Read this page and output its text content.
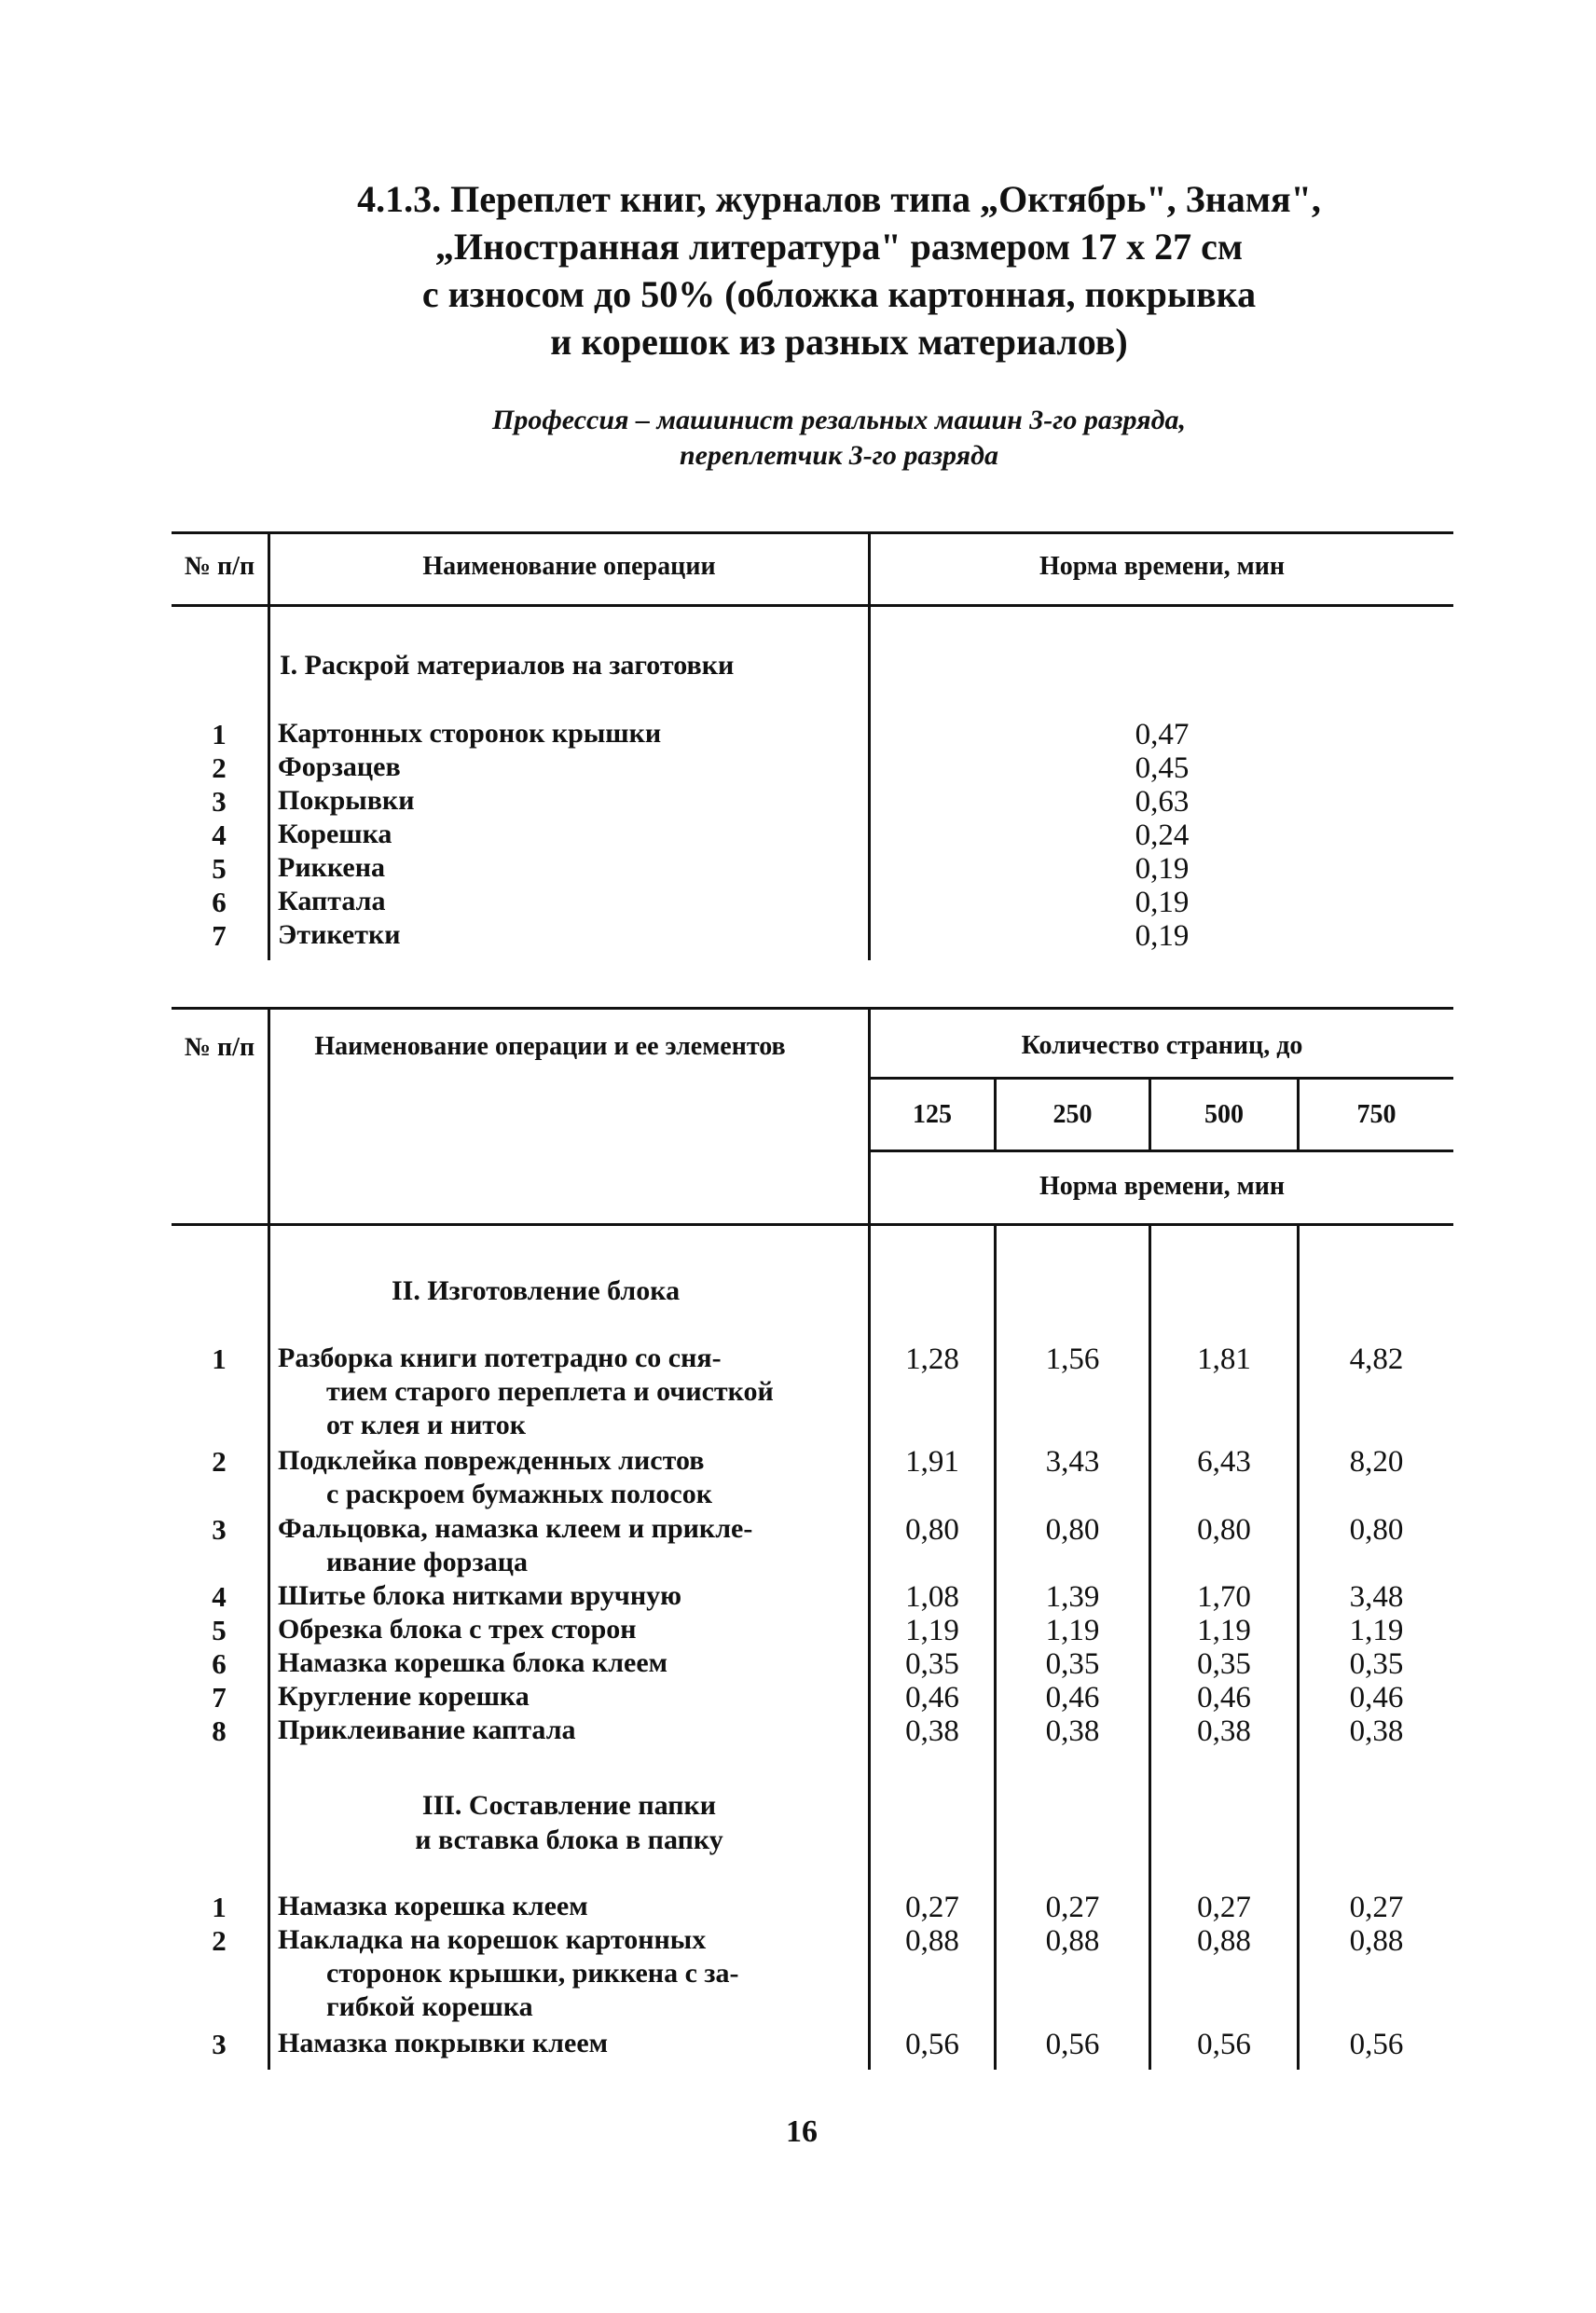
4.1.3. Переплет книг, журналов типа „Октябрь", Знамя",
„Иностранная литература" размером 17 х 27 см
с износом до 50% (обложка картонная, покрывка
и корешок из разных материалов)
Профессия – машинист резальных машин 3-го разряда,
переплетчик 3-го разряда
№ п/п	Наименование операции	Норма времени, мин
I. Раскрой материалов на заготовки
1	Картонных сторонок крышки	0,47
2	Форзацев	0,45
3	Покрывки	0,63
4	Корешка	0,24
5	Риккена	0,19
6	Каптала	0,19
7	Этикетки	0,19
№ п/п	Наименование операции и ее элементов	Количество страниц, до
125	250	500	750
Норма времени, мин
II. Изготовление блока
1	Разборка книги потетрадно со сня-
тием старого переплета и очисткой
от клея и ниток
1,28	1,56	1,81	4,82
2	Подклейка поврежденных листов
с раскроем бумажных полосок
1,91	3,43	6,43	8,20
3	Фальцовка, намазка клеем и прикле-
ивание форзаца
0,80	0,80	0,80	0,80
4	Шитье блока нитками вручную	1,08	1,39	1,70	3,48
5	Обрезка блока с трех сторон	1,19	1,19	1,19	1,19
6	Намазка корешка блока клеем	0,35	0,35	0,35	0,35
7	Кругление корешка	0,46	0,46	0,46	0,46
8	Приклеивание каптала	0,38	0,38	0,38	0,38
III. Составление папки
и вставка блока в папку
1	Намазка корешка клеем	0,27	0,27	0,27	0,27
2	Накладка на корешок картонных
сторонок крышки, риккена с за-
гибкой корешка
0,88	0,88	0,88	0,88
3	Намазка покрывки клеем	0,56	0,56	0,56	0,56
16
